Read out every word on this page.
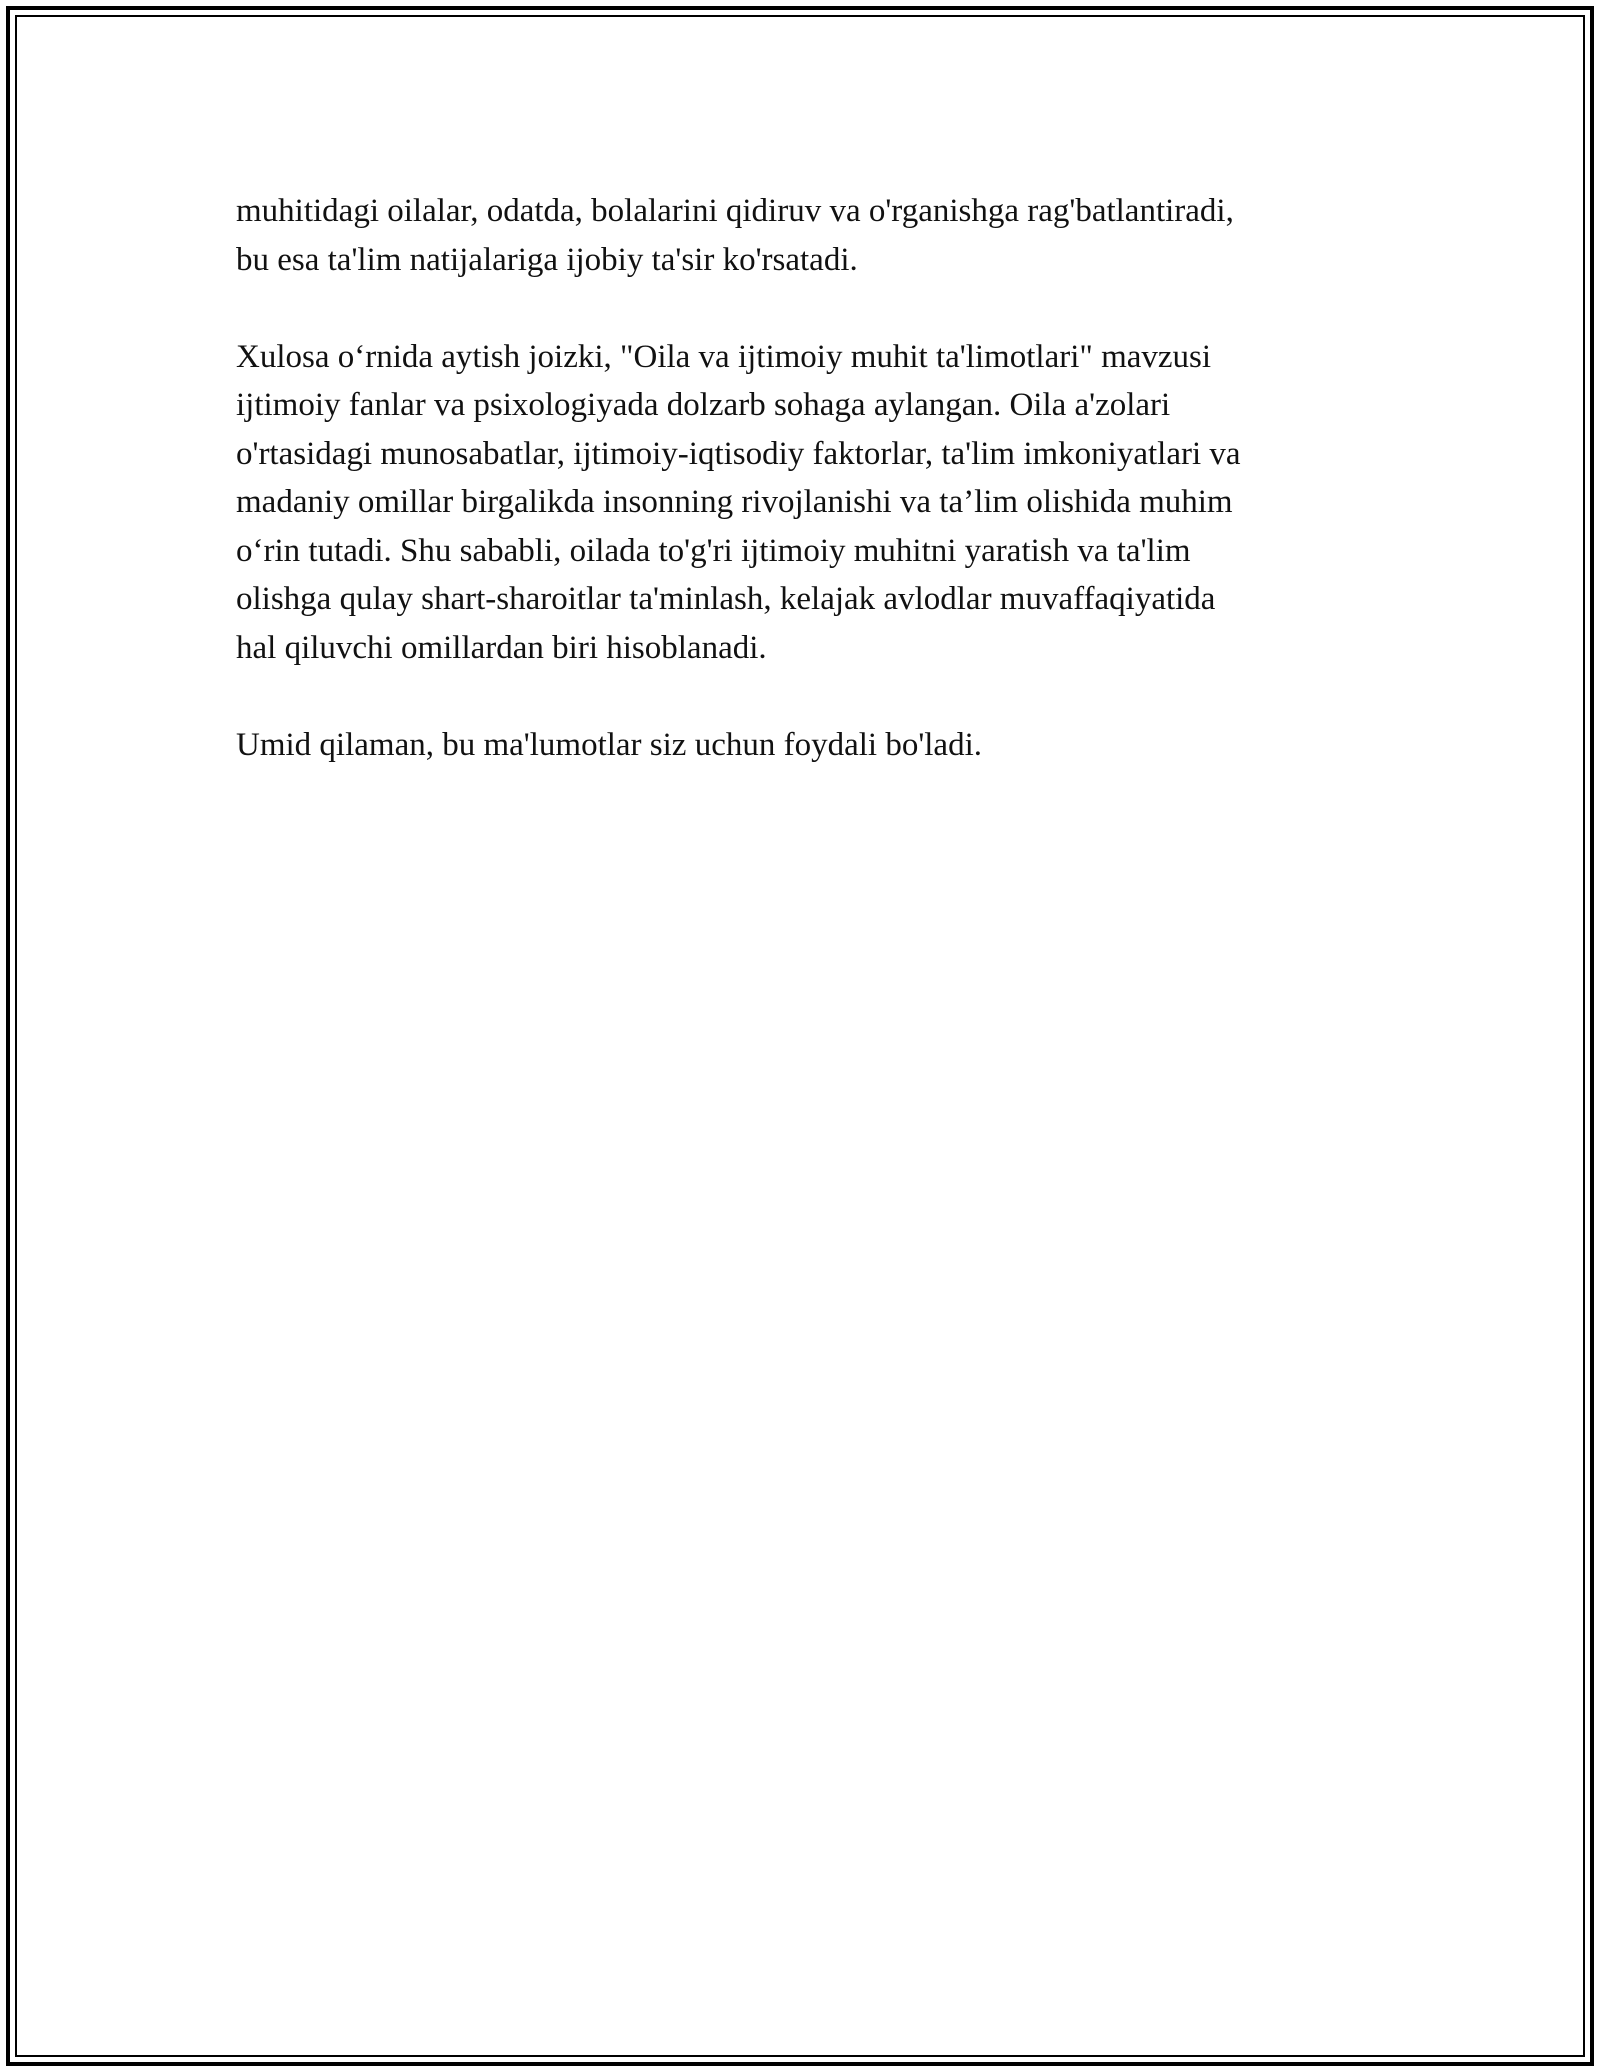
muhitidagi oilalar, odatda, bolalarini qidiruv va o'rganishga rag'batlantiradi,
bu esa ta'lim natijalariga ijobiy ta'sir ko'rsatadi.

Xulosa o‘rnida aytish joizki, "Oila va ijtimoiy muhit ta'limotlari" mavzusi
ijtimoiy fanlar va psixologiyada dolzarb sohaga aylangan. Oila a'zolari
o'rtasidagi munosabatlar, ijtimoiy-iqtisodiy faktorlar, ta'lim imkoniyatlari va
madaniy omillar birgalikda insonning rivojlanishi va ta’lim olishida muhim
o‘rin tutadi. Shu sababli, oilada to'g'ri ijtimoiy muhitni yaratish va ta'lim
olishga qulay shart-sharoitlar ta'minlash, kelajak avlodlar muvaffaqiyatida
hal qiluvchi omillardan biri hisoblanadi.

Umid qilaman, bu ma'lumotlar siz uchun foydali bo'ladi.
